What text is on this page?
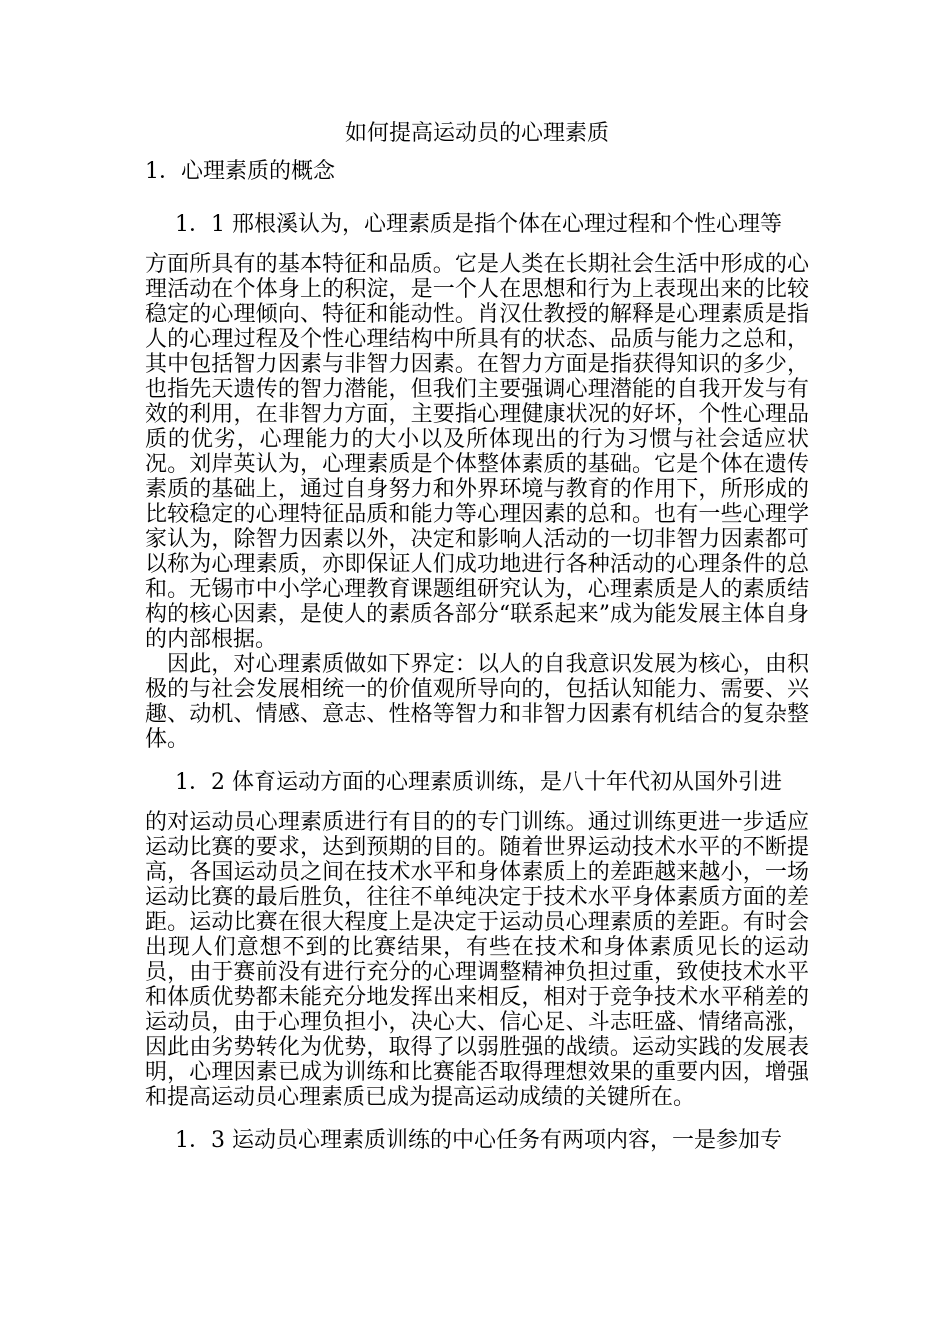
如何提高运动员的心理素质
1．心理素质的概念

1．1 邢根溪认为，心理素质是指个体在心理过程和个性心理等

方面所具有的基本特征和品质。它是人类在长期社会生活中形成的心理活动在个体身上的积淀，是一个人在思想和行为上表现出来的比较稳定的心理倾向、特征和能动性。肖汉仕教授的解释是心理素质是指人的心理过程及个性心理结构中所具有的状态、品质与能力之总和，其中包括智力因素与非智力因素。在智力方面是指获得知识的多少，也指先天遗传的智力潜能，但我们主要强调心理潜能的自我开发与有效的利用，在非智力方面，主要指心理健康状况的好坏，个性心理品质的优劣，心理能力的大小以及所体现出的行为习惯与社会适应状况。刘岸英认为，心理素质是个体整体素质的基础。它是个体在遗传素质的基础上，通过自身努力和外界环境与教育的作用下，所形成的比较稳定的心理特征品质和能力等心理因素的总和。也有一些心理学家认为，除智力因素以外，决定和影响人活动的一切非智力因素都可以称为心理素质，亦即保证人们成功地进行各种活动的心理条件的总和。无锡市中小学心理教育课题组研究认为，心理素质是人的素质结构的核心因素，是使人的素质各部分“联系起来”成为能发展主体自身的内部根据。

因此，对心理素质做如下界定：以人的自我意识发展为核心，由积极的与社会发展相统一的价值观所导向的，包括认知能力、需要、兴趣、动机、情感、意志、性格等智力和非智力因素有机结合的复杂整体。

1．2 体育运动方面的心理素质训练，是八十年代初从国外引进

的对运动员心理素质进行有目的的专门训练。通过训练更进一步适应运动比赛的要求，达到预期的目的。随着世界运动技术水平的不断提高，各国运动员之间在技术水平和身体素质上的差距越来越小，一场运动比赛的最后胜负，往往不单纯决定于技术水平身体素质方面的差距。运动比赛在很大程度上是决定于运动员心理素质的差距。有时会出现人们意想不到的比赛结果，有些在技术和身体素质见长的运动员，由于赛前没有进行充分的心理调整精神负担过重，致使技术水平和体质优势都未能充分地发挥出来相反，相对于竞争技术水平稍差的运动员，由于心理负担小，决心大、信心足、斗志旺盛、情绪高涨，因此由劣势转化为优势，取得了以弱胜强的战绩。运动实践的发展表明，心理因素已成为训练和比赛能否取得理想效果的重要内因，增强和提高运动员心理素质已成为提高运动成绩的关键所在。

1．3 运动员心理素质训练的中心任务有两项内容，一是参加专
